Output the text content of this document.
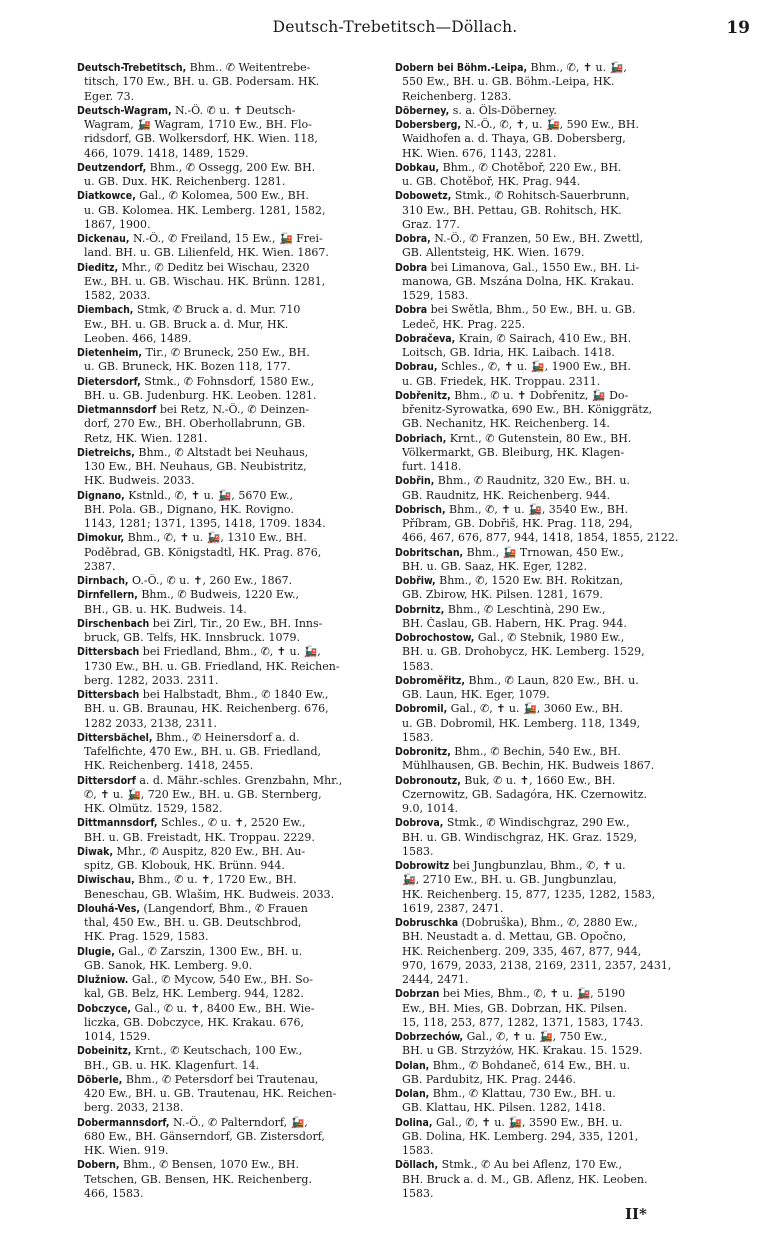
Deutsch-Trebetitsch—Döllach.	19
Deutsch-Trebetitsch, Bhm.. ✆ Weitentrebe-
titsch, 170 Ew., BH. u. GB. Podersam. HK.
Eger. 73.
Deutsch-Wagram, N.-Ö. ✆ u. ✝ Deutsch-
Wagram, 🚂 Wagram, 1710 Ew., BH. Flo-
ridsdorf, GB. Wolkersdorf, HK. Wien. 118,
466, 1079. 1418, 1489, 1529.
Deutzendorf, Bhm., ✆ Ossegg, 200 Ew. BH.
u. GB. Dux. HK. Reichenberg. 1281.
Diatkowce, Gal., ✆ Kolomea, 500 Ew., BH.
u. GB. Kolomea. HK. Lemberg. 1281, 1582,
1867, 1900.
Dickenau, N.-Ö., ✆ Freiland, 15 Ew., 🚂 Frei-
land. BH. u. GB. Lilienfeld, HK. Wien. 1867.
Dieditz, Mhr., ✆ Deditz bei Wischau, 2320
Ew., BH. u. GB. Wischau. HK. Brünn. 1281,
1582, 2033.
Diembach, Stmk, ✆ Bruck a. d. Mur. 710
Ew., BH. u. GB. Bruck a. d. Mur, HK.
Leoben. 466, 1489.
Dietenheim, Tir., ✆ Bruneck, 250 Ew., BH.
u. GB. Bruneck, HK. Bozen 118, 177.
Dietersdorf, Stmk., ✆ Fohnsdorf, 1580 Ew.,
BH. u. GB. Judenburg. HK. Leoben. 1281.
Dietmannsdorf bei Retz, N.-Ö., ✆ Deinzen-
dorf, 270 Ew., BH. Oberhollabrunn, GB.
Retz, HK. Wien. 1281.
Dietreichs, Bhm., ✆ Altstadt bei Neuhaus,
130 Ew., BH. Neuhaus, GB. Neubistritz,
HK. Budweis. 2033.
Dignano, Kstnld., ✆, ✝ u. 🚂, 5670 Ew.,
BH. Pola. GB., Dignano, HK. Rovigno.
1143, 1281; 1371, 1395, 1418, 1709. 1834.
Dimokur, Bhm., ✆, ✝ u. 🚂, 1310 Ew., BH.
Poděbrad, GB. Königstadtl, HK. Prag. 876,
2387.
Dirnbach, O.-Ö., ✆ u. ✝, 260 Ew., 1867.
Dirnfellern, Bhm., ✆ Budweis, 1220 Ew.,
BH., GB. u. HK. Budweis. 14.
Dirschenbach bei Zirl, Tir., 20 Ew., BH. Inns-
bruck, GB. Telfs, HK. Innsbruck. 1079.
Dittersbach bei Friedland, Bhm., ✆, ✝ u. 🚂,
1730 Ew., BH. u. GB. Friedland, HK. Reichen-
berg. 1282, 2033. 2311.
Dittersbach bei Halbstadt, Bhm., ✆ 1840 Ew.,
BH. u. GB. Braunau, HK. Reichenberg. 676,
1282 2033, 2138, 2311.
Dittersbächel, Bhm., ✆ Heinersdorf a. d.
Tafelfichte, 470 Ew., BH. u. GB. Friedland,
HK. Reichenberg. 1418, 2455.
Dittersdorf a. d. Mähr.-schles. Grenzbahn, Mhr.,
✆, ✝ u. 🚂, 720 Ew., BH. u. GB. Sternberg,
HK. Olmütz. 1529, 1582.
Dittmannsdorf, Schles., ✆ u. ✝, 2520 Ew.,
BH. u. GB. Freistadt, HK. Troppau. 2229.
Diwak, Mhr., ✆ Auspitz, 820 Ew., BH. Au-
spitz, GB. Klobouk, HK. Brünn. 944.
Diwischau, Bhm., ✆ u. ✝, 1720 Ew., BH.
Beneschau, GB. Wlašim, HK. Budweis. 2033.
Dlouhá-Ves, (Langendorf, Bhm., ✆ Frauen
thal, 450 Ew., BH. u. GB. Deutschbrod,
HK. Prag. 1529, 1583.
Dlugie, Gal., ✆ Zarszin, 1300 Ew., BH. u.
GB. Sanok, HK. Lemberg. 9.0.
Dlužniow. Gal., ✆ Mycow, 540 Ew., BH. So-
kal, GB. Belz, HK. Lemberg. 944, 1282.
Dobczyce, Gal., ✆ u. ✝, 8400 Ew., BH. Wie-
liczka, GB. Dobczyce, HK. Krakau. 676,
1014, 1529.
Dobeinitz, Krnt., ✆ Keutschach, 100 Ew.,
BH., GB. u. HK. Klagenfurt. 14.
Döberle, Bhm., ✆ Petersdorf bei Trautenau,
420 Ew., BH. u. GB. Trautenau, HK. Reichen-
berg. 2033, 2138.
Dobermannsdorf, N.-Ö., ✆ Palterndorf, 🚂,
680 Ew., BH. Gänserndorf, GB. Zistersdorf,
HK. Wien. 919.
Dobern, Bhm., ✆ Bensen, 1070 Ew., BH.
Tetschen, GB. Bensen, HK. Reichenberg.
466, 1583.
Dobern bei Böhm.-Leipa, Bhm., ✆, ✝ u. 🚂,
550 Ew., BH. u. GB. Böhm.-Leipa, HK.
Reichenberg. 1283.
Döberney, s. a. Öls-Döberney.
Dobersberg, N.-Ö., ✆, ✝, u. 🚂, 590 Ew., BH.
Waidhofen a. d. Thaya, GB. Dobersberg,
HK. Wien. 676, 1143, 2281.
Dobkau, Bhm., ✆ Chotěboř, 220 Ew., BH.
u. GB. Chotěboř, HK. Prag. 944.
Dobowetz, Stmk., ✆ Rohitsch-Sauerbrunn,
310 Ew., BH. Pettau, GB. Rohitsch, HK.
Graz. 177.
Dobra, N.-Ö., ✆ Franzen, 50 Ew., BH. Zwettl,
GB. Allentsteig, HK. Wien. 1679.
Dobra bei Limanova, Gal., 1550 Ew., BH. Li-
manowa, GB. Mszána Dolna, HK. Krakau.
1529, 1583.
Dobra bei Swětla, Bhm., 50 Ew., BH. u. GB.
Ledeč, HK. Prag. 225.
Dobračeva, Krain, ✆ Sairach, 410 Ew., BH.
Loitsch, GB. Idria, HK. Laibach. 1418.
Dobrau, Schles., ✆, ✝ u. 🚂, 1900 Ew., BH.
u. GB. Friedek, HK. Troppau. 2311.
Dobřenitz, Bhm., ✆ u. ✝ Dobřenitz, 🚂 Do-
břenitz-Syrowatka, 690 Ew., BH. Königgrätz,
GB. Nechanitz, HK. Reichenberg. 14.
Dobriach, Krnt., ✆ Gutenstein, 80 Ew., BH.
Völkermarkt, GB. Bleiburg, HK. Klagen-
furt. 1418.
Dobřin, Bhm., ✆ Raudnitz, 320 Ew., BH. u.
GB. Raudnitz, HK. Reichenberg. 944.
Dobrisch, Bhm., ✆, ✝ u. 🚂, 3540 Ew., BH.
Příbram, GB. Dobřiš, HK. Prag. 118, 294,
466, 467, 676, 877, 944, 1418, 1854, 1855, 2122.
Dobritschan, Bhm., 🚂 Trnowan, 450 Ew.,
BH. u. GB. Saaz, HK. Eger, 1282.
Dobřiw, Bhm., ✆, 1520 Ew. BH. Rokitzan,
GB. Zbirow, HK. Pilsen. 1281, 1679.
Dobrnitz, Bhm., ✆ Leschtinà, 290 Ew.,
BH. Časlau, GB. Habern, HK. Prag. 944.
Dobrochostow, Gal., ✆ Stebnik, 1980 Ew.,
BH. u. GB. Drohobycz, HK. Lemberg. 1529,
1583.
Dobroměřitz, Bhm., ✆ Laun, 820 Ew., BH. u.
GB. Laun, HK. Eger, 1079.
Dobromil, Gal., ✆, ✝ u. 🚂, 3060 Ew., BH.
u. GB. Dobromil, HK. Lemberg. 118, 1349,
1583.
Dobronitz, Bhm., ✆ Bechin, 540 Ew., BH.
Mühlhausen, GB. Bechin, HK. Budweis 1867.
Dobronoutz, Buk, ✆ u. ✝, 1660 Ew., BH.
Czernowitz, GB. Sadagóra, HK. Czernowitz.
9.0, 1014.
Dobrova, Stmk., ✆ Windischgraz, 290 Ew.,
BH. u. GB. Windischgraz, HK. Graz. 1529,
1583.
Dobrowitz bei Jungbunzlau, Bhm., ✆, ✝ u.
🚂, 2710 Ew., BH. u. GB. Jungbunzlau,
HK. Reichenberg. 15, 877, 1235, 1282, 1583,
1619, 2387, 2471.
Dobruschka (Dobruška), Bhm., ✆, 2880 Ew.,
BH. Neustadt a. d. Mettau, GB. Opočno,
HK. Reichenberg. 209, 335, 467, 877, 944,
970, 1679, 2033, 2138, 2169, 2311, 2357, 2431,
2444, 2471.
Dobrzan bei Mies, Bhm., ✆, ✝ u. 🚂, 5190
Ew., BH. Mies, GB. Dobrzan, HK. Pilsen.
15, 118, 253, 877, 1282, 1371, 1583, 1743.
Dobrzechów, Gal., ✆, ✝ u. 🚂, 750 Ew.,
BH. u GB. Strzyżów, HK. Krakau. 15. 1529.
Dolan, Bhm., ✆ Bohdaneč, 614 Ew., BH. u.
GB. Pardubitz, HK. Prag. 2446.
Dolan, Bhm., ✆ Klattau, 730 Ew., BH. u.
GB. Klattau, HK. Pilsen. 1282, 1418.
Dolina, Gal., ✆, ✝ u. 🚂, 3590 Ew., BH. u.
GB. Dolina, HK. Lemberg. 294, 335, 1201,
1583.
Döllach, Stmk., ✆ Au bei Aflenz, 170 Ew.,
BH. Bruck a. d. M., GB. Aflenz, HK. Leoben.
1583.
II*
